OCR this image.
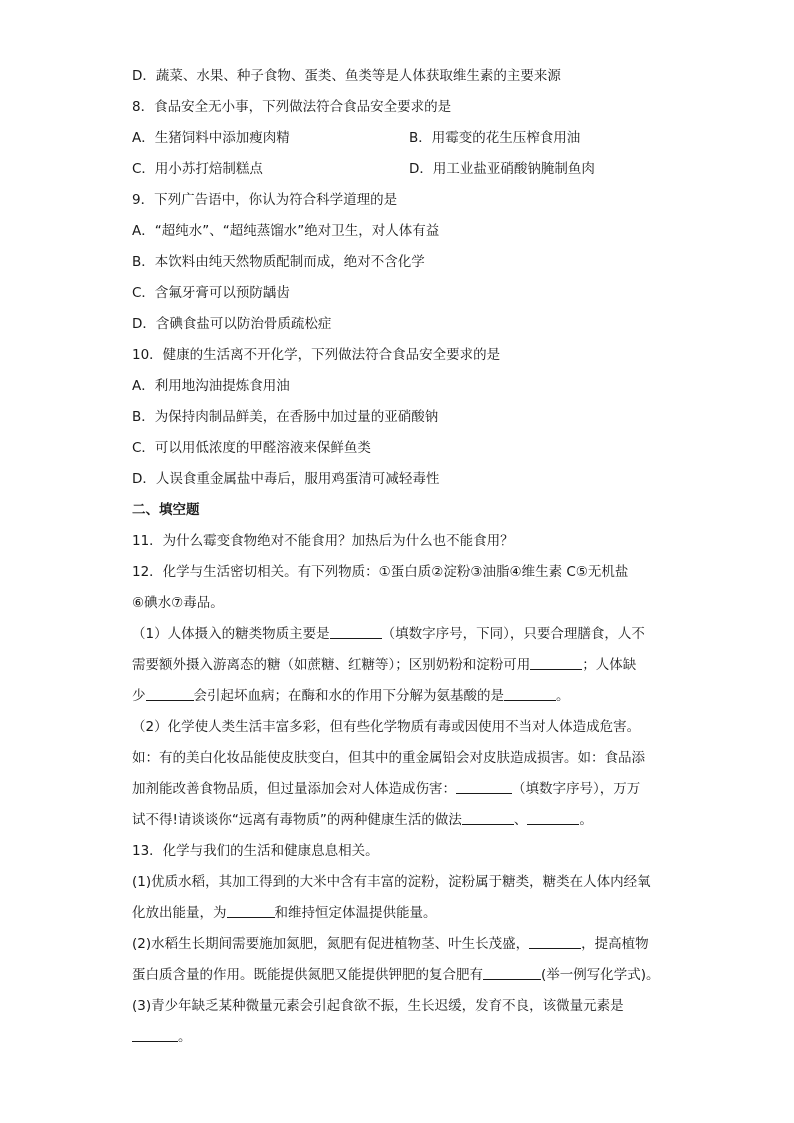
D．蔬菜、水果、种子食物、蛋类、鱼类等是人体获取维生素的主要来源
8．食品安全无小事，下列做法符合食品安全要求的是
A．生猪饲料中添加瘦肉精	B．用霉变的花生压榨食用油
C．用小苏打焙制糕点	D．用工业盐亚硝酸钠腌制鱼肉
9．下列广告语中，你认为符合科学道理的是
A．“超纯水”、“超纯蒸馏水”绝对卫生，对人体有益
B．本饮料由纯天然物质配制而成，绝对不含化学
C．含氟牙膏可以预防龋齿
D．含碘食盐可以防治骨质疏松症
10．健康的生活离不开化学，下列做法符合食品安全要求的是
A．利用地沟油提炼食用油
B．为保持肉制品鲜美，在香肠中加过量的亚硝酸钠
C．可以用低浓度的甲醛溶液来保鲜鱼类
D．人误食重金属盐中毒后，服用鸡蛋清可减轻毒性
二、填空题
11．为什么霉变食物绝对不能食用？加热后为什么也不能食用？
12．化学与生活密切相关。有下列物质：①蛋白质②淀粉③油脂④维生素 C⑤无机盐
⑥碘水⑦毒品。
（1）人体摄入的糖类物质主要是	（填数字序号，下同），只要合理膳食，人不
需要额外摄入游离态的糖（如蔗糖、红糖等）；区别奶粉和淀粉可用	；人体缺
少	会引起坏血病；在酶和水的作用下分解为氨基酸的是	。
（2）化学使人类生活丰富多彩，但有些化学物质有毒或因使用不当对人体造成危害。
如：有的美白化妆品能使皮肤变白，但其中的重金属铅会对皮肤造成损害。如：食品添
加剂能改善食物品质，但过量添加会对人体造成伤害：	（填数字序号），万万
试不得!请谈谈你“远离有毒物质”的两种健康生活的做法	、	。
13．化学与我们的生活和健康息息相关。
(1)优质水稻，其加工得到的大米中含有丰富的淀粉，淀粉属于糖类，糖类在人体内经氧
化放出能量，为	和维持恒定体温提供能量。
(2)水稻生长期间需要施加氮肥，氮肥有促进植物茎、叶生长茂盛，	，提高植物
蛋白质含量的作用。既能提供氮肥又能提供钾肥的复合肥有	(举一例写化学式)。
(3)青少年缺乏某种微量元素会引起食欲不振，生长迟缓，发育不良，该微量元素是
。
